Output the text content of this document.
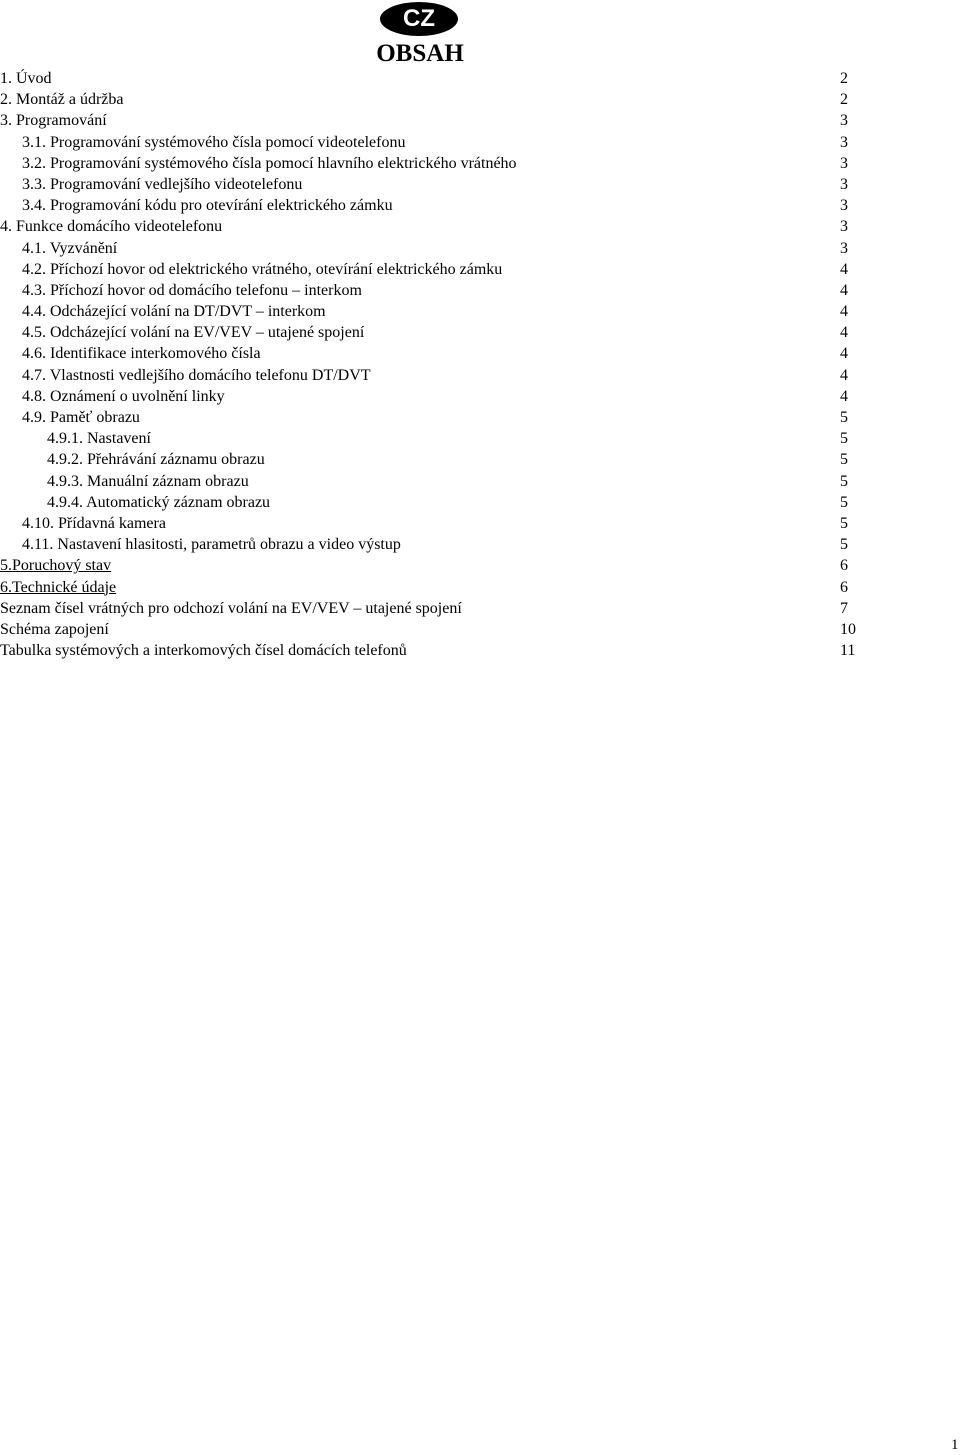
CZ
OBSAH
1. Úvod	2
2. Montáž a údržba	2
3. Programování	3
3.1. Programování systémového čísla pomocí videotelefonu	3
3.2. Programování systémového čísla pomocí hlavního elektrického vrátného	3
3.3. Programování vedlejšího videotelefonu	3
3.4. Programování kódu pro otevírání elektrického zámku	3
4. Funkce domácího videotelefonu	3
4.1. Vyzvánění	3
4.2. Příchozí hovor od elektrického vrátného, otevírání elektrického zámku	4
4.3. Příchozí hovor od domácího telefonu – interkom	4
4.4. Odcházející volání na DT/DVT – interkom	4
4.5. Odcházející volání na EV/VEV – utajené spojení	4
4.6. Identifikace interkomového čísla	4
4.7. Vlastnosti vedlejšího domácího telefonu DT/DVT	4
4.8. Oznámení o uvolnění linky	4
4.9. Paměť obrazu	5
4.9.1. Nastavení	5
4.9.2. Přehrávání záznamu obrazu	5
4.9.3. Manuální záznam obrazu	5
4.9.4. Automatický záznam obrazu	5
4.10. Přídavná kamera	5
4.11. Nastavení hlasitosti, parametrů obrazu a video výstup	5
5.Poruchový stav	6
6.Technické údaje	6
Seznam čísel vrátných pro odchozí volání na EV/VEV – utajené spojení	7
Schéma zapojení	10
Tabulka systémových a interkomových čísel domácích telefonů	11
1
